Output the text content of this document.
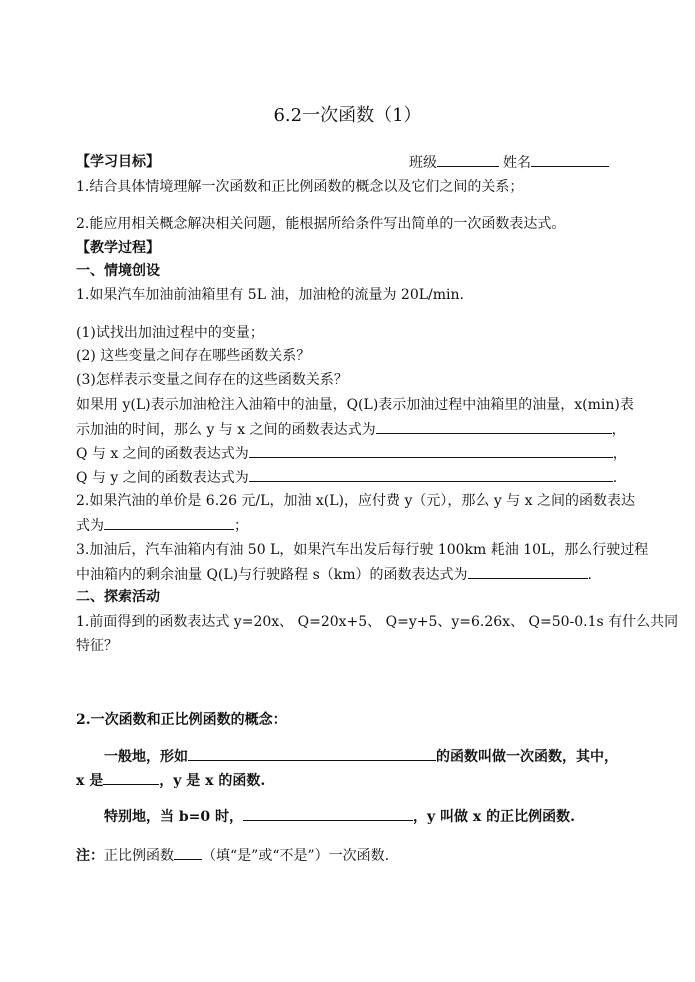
6.2一次函数（1）
【学习目标】	班级	姓名
1.结合具体情境理解一次函数和正比例函数的概念以及它们之间的关系；
2.能应用相关概念解决相关问题，能根据所给条件写出简单的一次函数表达式。
【教学过程】
一、情境创设
1.如果汽车加油前油箱里有 5L 油，加油枪的流量为 20L/min.
(1)试找出加油过程中的变量；
(2) 这些变量之间存在哪些函数关系？
(3)怎样表示变量之间存在的这些函数关系？
如果用 y(L)表示加油枪注入油箱中的油量，Q(L)表示加油过程中油箱里的油量，x(min)表
示加油的时间，那么 y 与 x 之间的函数表达式为	，
Q 与 x 之间的函数表达式为	，
Q 与 y 之间的函数表达式为	.
2.如果汽油的单价是 6.26 元/L，加油 x(L)，应付费 y（元），那么 y 与 x 之间的函数表达
式为	；
3.加油后，汽车油箱内有油 50 L，如果汽车出发后每行驶 100km 耗油 10L，那么行驶过程
中油箱内的剩余油量 Q(L)与行驶路程 s（km）的函数表达式为	.
二、探索活动
1.前面得到的函数表达式 y=20x、 Q=20x+5、 Q=y+5、y=6.26x、 Q=50-0.1s 有什么共同
特征？
2.一次函数和正比例函数的概念：
一般地，形如	的函数叫做一次函数，其中，
x 是	，y 是 x 的函数.
特别地，当 b=0 时，	，y 叫做 x 的正比例函数.
注：正比例函数 （填“是”或“不是”）一次函数.
